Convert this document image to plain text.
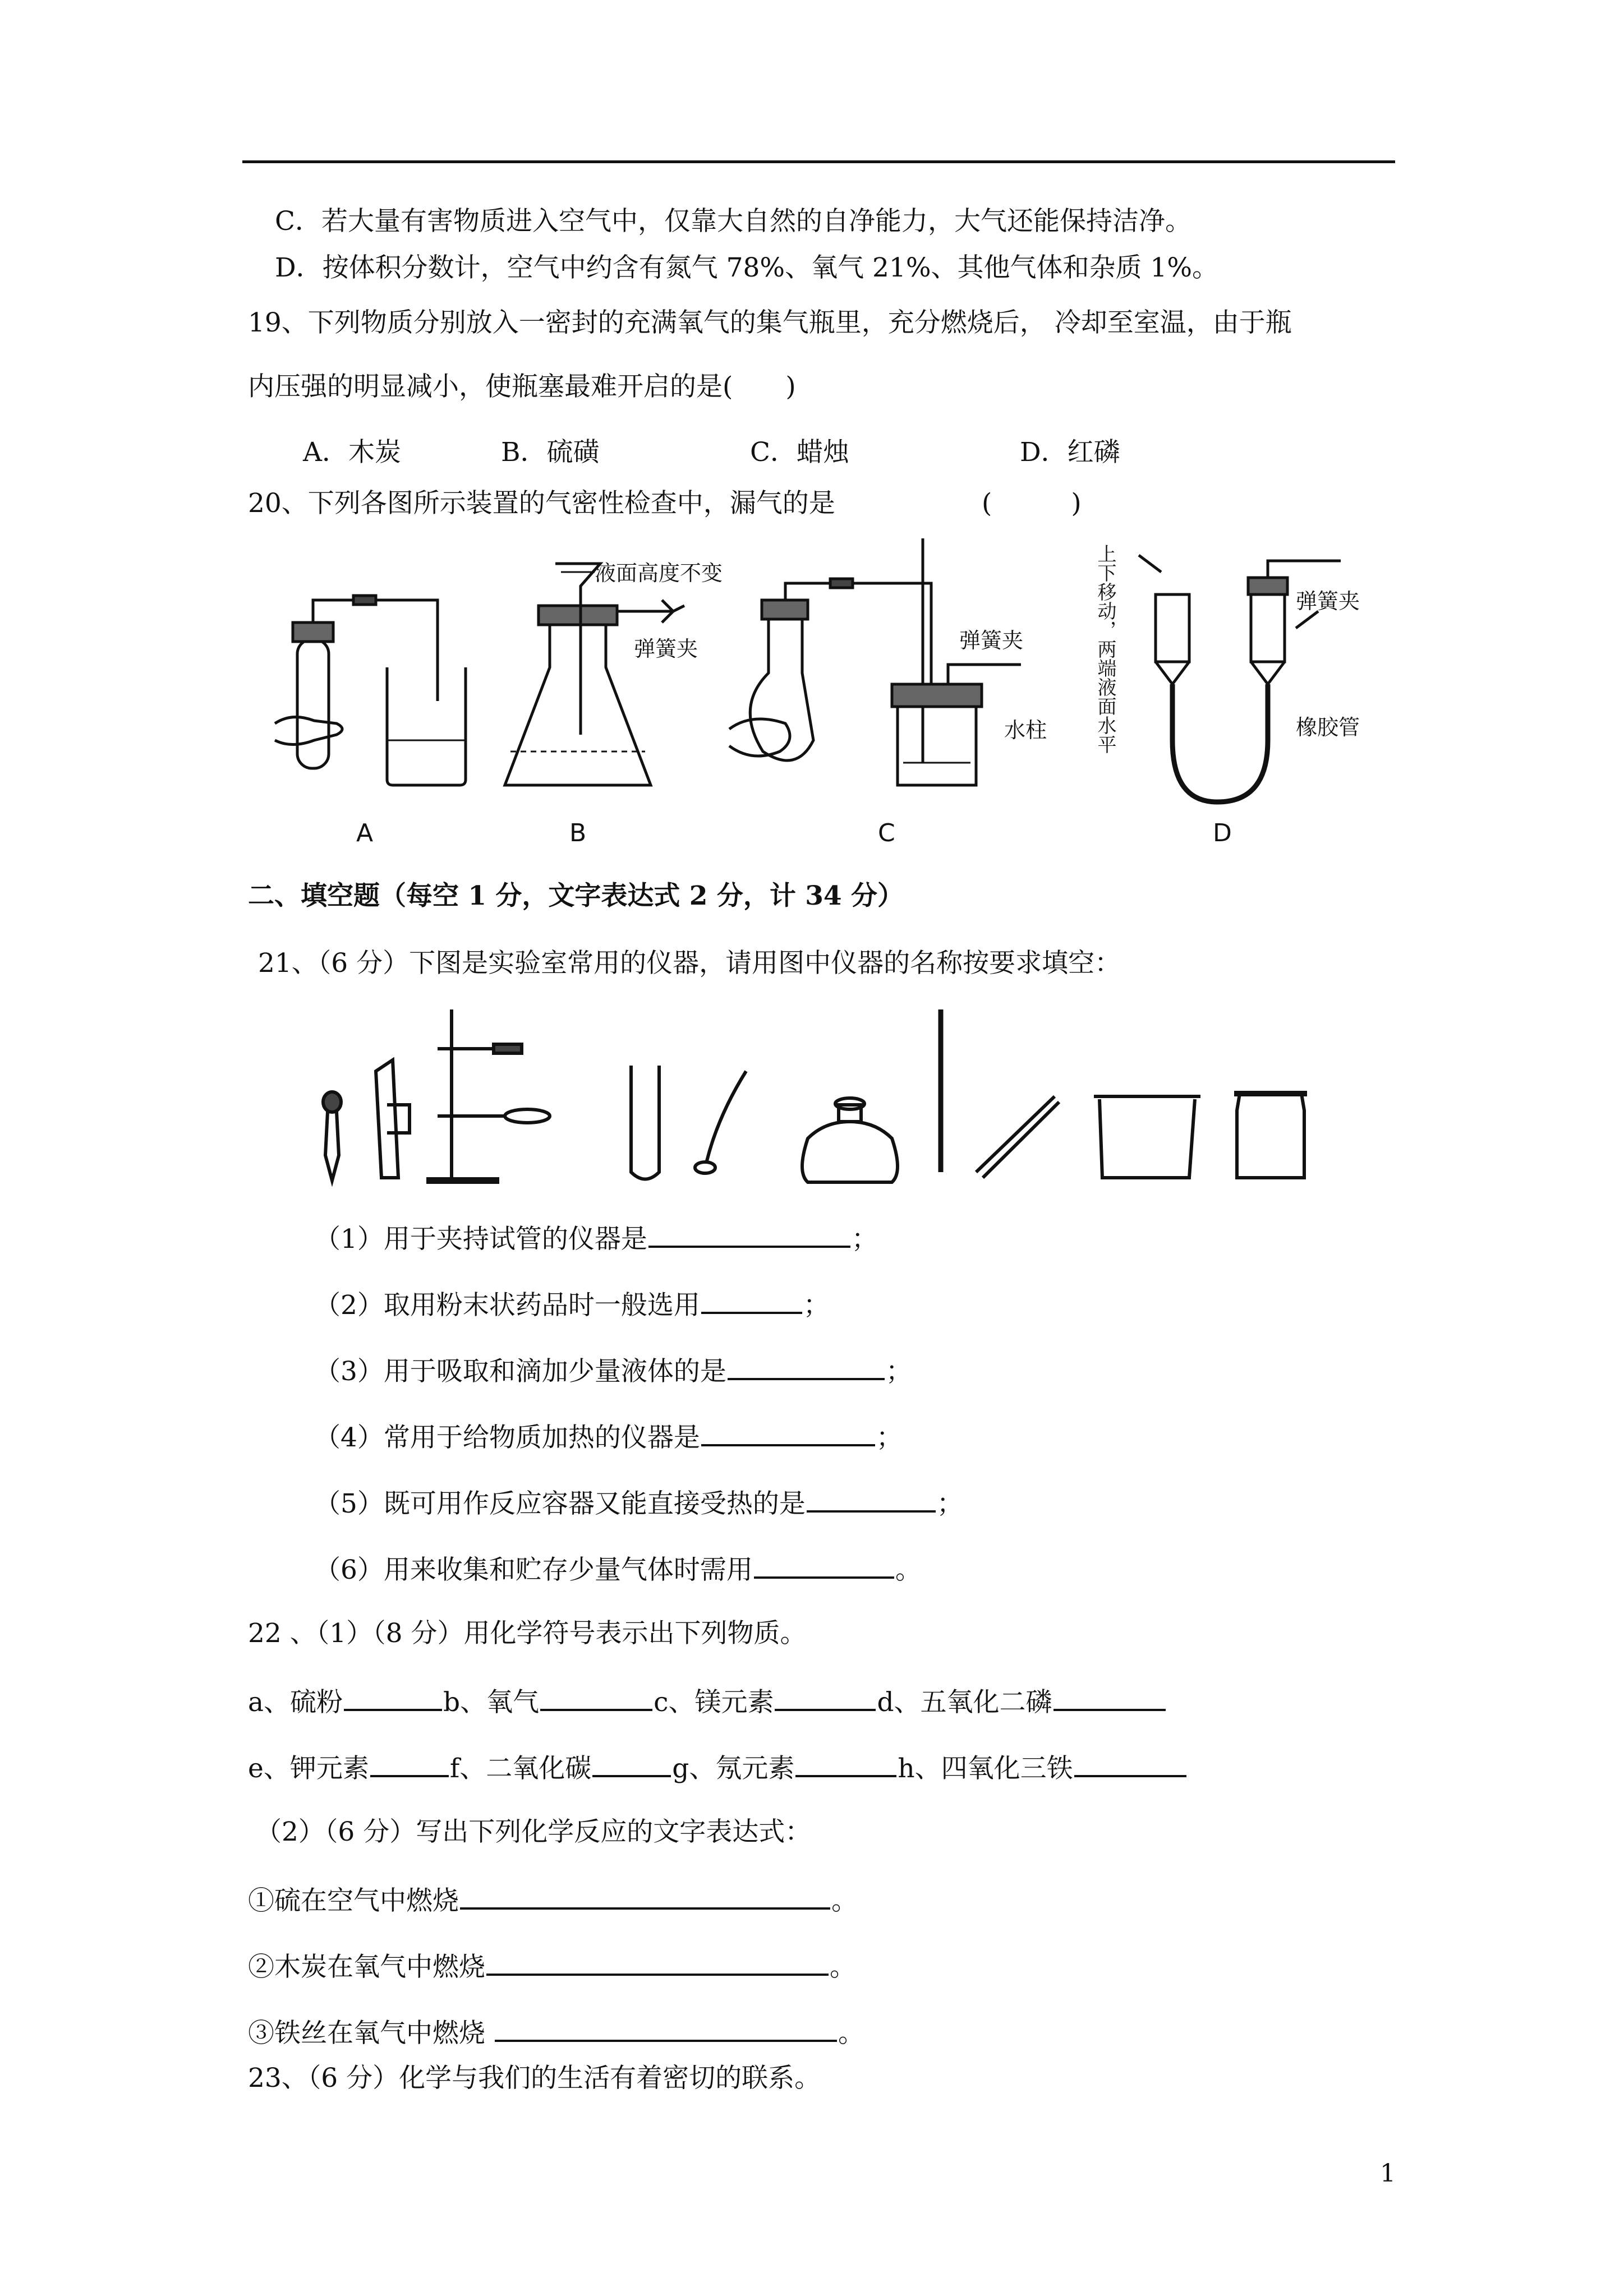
C．若大量有害物质进入空气中，仅靠大自然的自净能力，大气还能保持洁净。
D．按体积分数计，空气中约含有氮气 78%、氧气 21%、其他气体和杂质 1%。
19、下列物质分别放入一密封的充满氧气的集气瓶里，充分燃烧后， 冷却至室温，由于瓶
内压强的明显减小，使瓶塞最难开启的是(　　)
A．木炭	B．硫磺	C．蜡烛	D．红磷
20、下列各图所示装置的气密性检查中，漏气的是	(　　　)
液面高度不变
弹簧夹	弹簧夹
水柱
弹簧夹
橡胶管
上下移动，两端液面水平
A	B	C	D
二、填空题（每空 1 分，文字表达式 2 分，计 34 分）
21、（6 分）下图是实验室常用的仪器，请用图中仪器的名称按要求填空：
（1）用于夹持试管的仪器是	；
（2）取用粉末状药品时一般选用	；
（3）用于吸取和滴加少量液体的是	；
（4）常用于给物质加热的仪器是	；
（5）既可用作反应容器又能直接受热的是	；
（6）用来收集和贮存少量气体时需用	。
22 、（1）（8 分）用化学符号表示出下列物质。
a、硫粉	b、氧气	c、镁元素	d、五氧化二磷
e、钾元素	f、二氧化碳	g、氖元素	h、四氧化三铁
（2）（6 分）写出下列化学反应的文字表达式：
①硫在空气中燃烧	。
②木炭在氧气中燃烧	。
③铁丝在氧气中燃烧	。
23、（6 分）化学与我们的生活有着密切的联系。
1
